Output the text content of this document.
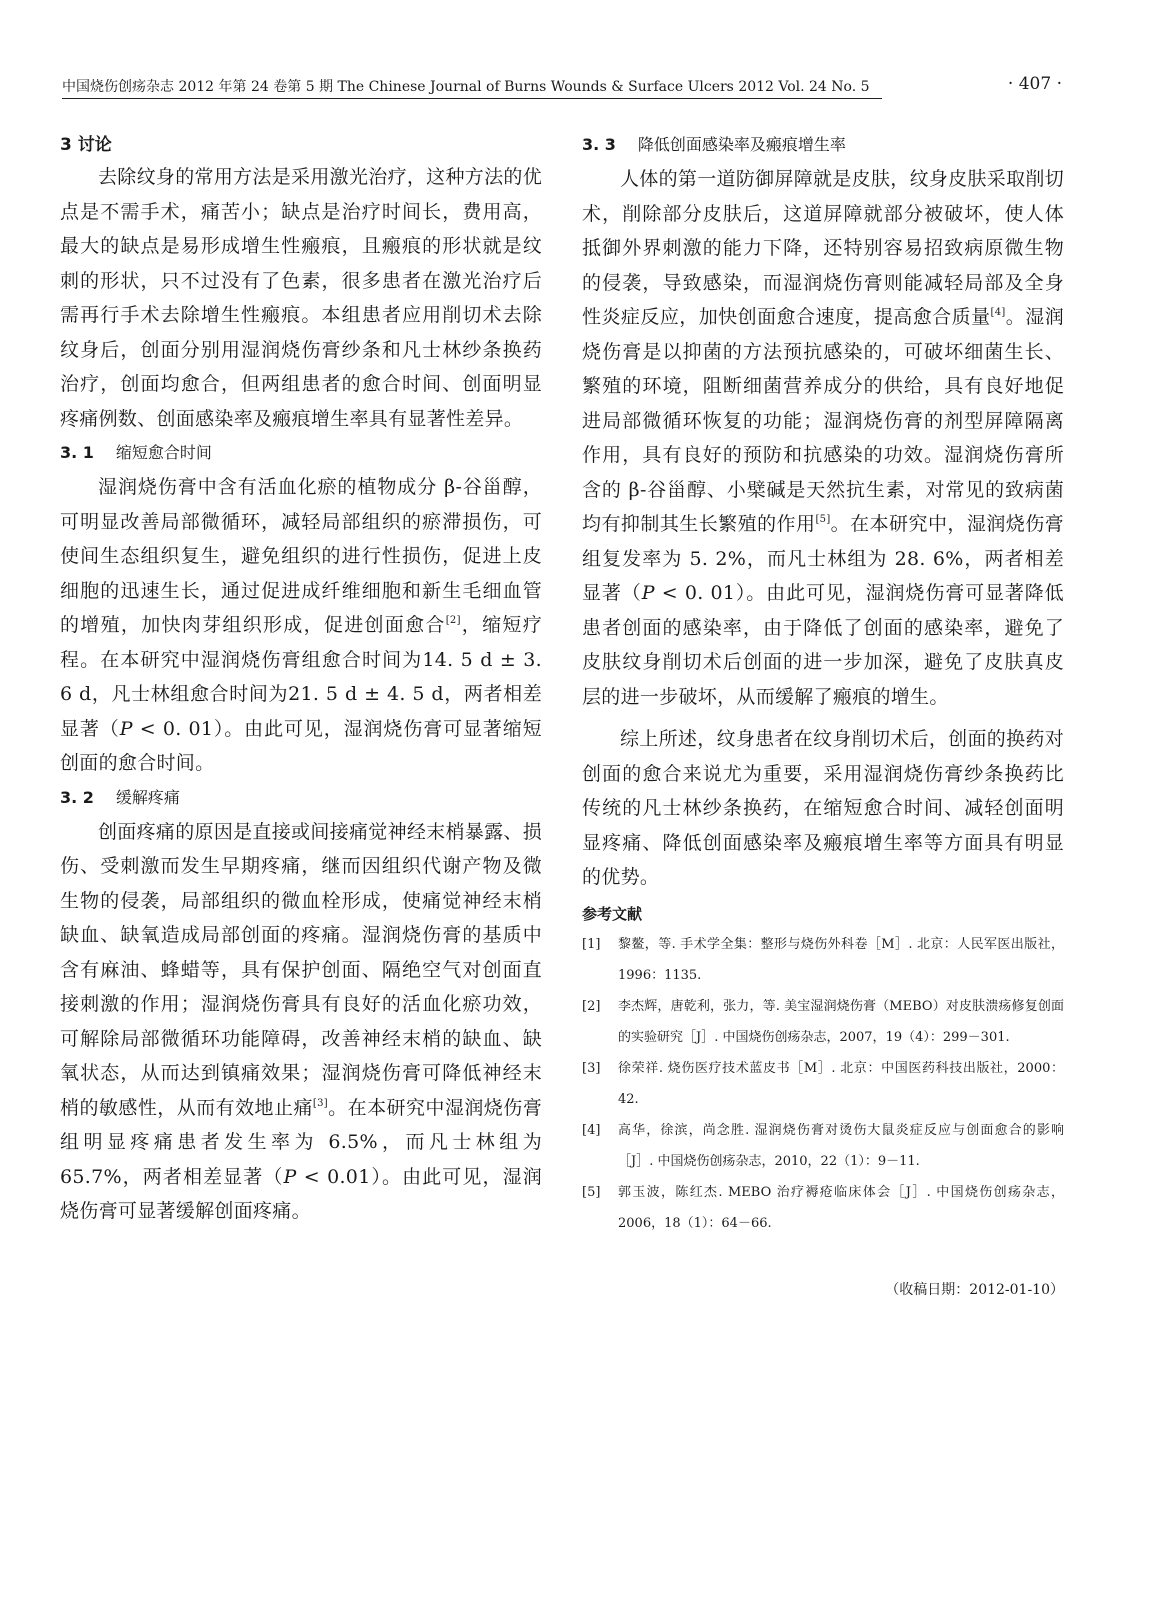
中国烧伤创疡杂志 2012 年第 24 卷第 5 期 The Chinese Journal of Burns Wounds & Surface Ulcers 2012 Vol. 24 No. 5	· 407 ·
3 讨论

去除纹身的常用方法是采用激光治疗，这种方法的优点是不需手术，痛苦小；缺点是治疗时间长，费用高，最大的缺点是易形成增生性瘢痕，且瘢痕的形状就是纹刺的形状，只不过没有了色素，很多患者在激光治疗后需再行手术去除增生性瘢痕。本组患者应用削切术去除纹身后，创面分别用湿润烧伤膏纱条和凡士林纱条换药治疗，创面均愈合，但两组患者的愈合时间、创面明显疼痛例数、创面感染率及瘢痕增生率具有显著性差异。

3. 1 缩短愈合时间

湿润烧伤膏中含有活血化瘀的植物成分 β-谷甾醇，可明显改善局部微循环，减轻局部组织的瘀滞损伤，可使间生态组织复生，避免组织的进行性损伤，促进上皮细胞的迅速生长，通过促进成纤维细胞和新生毛细血管的增殖，加快肉芽组织形成，促进创面愈合[2]，缩短疗程。在本研究中湿润烧伤膏组愈合时间为14. 5 d ± 3. 6 d，凡士林组愈合时间为21. 5 d ± 4. 5 d，两者相差显著（P < 0. 01）。由此可见，湿润烧伤膏可显著缩短创面的愈合时间。

3. 2 缓解疼痛

创面疼痛的原因是直接或间接痛觉神经末梢暴露、损伤、受刺激而发生早期疼痛，继而因组织代谢产物及微生物的侵袭，局部组织的微血栓形成，使痛觉神经末梢缺血、缺氧造成局部创面的疼痛。湿润烧伤膏的基质中含有麻油、蜂蜡等，具有保护创面、隔绝空气对创面直接刺激的作用；湿润烧伤膏具有良好的活血化瘀功效，可解除局部微循环功能障碍，改善神经末梢的缺血、缺氧状态，从而达到镇痛效果；湿润烧伤膏可降低神经末梢的敏感性，从而有效地止痛[3]。在本研究中湿润烧伤膏组明显疼痛患者发生率为 6.5%，而凡士林组为 65.7%，两者相差显著（P < 0.01）。由此可见，湿润烧伤膏可显著缓解创面疼痛。

3. 3 降低创面感染率及瘢痕增生率

人体的第一道防御屏障就是皮肤，纹身皮肤采取削切术，削除部分皮肤后，这道屏障就部分被破坏，使人体抵御外界刺激的能力下降，还特别容易招致病原微生物的侵袭，导致感染，而湿润烧伤膏则能减轻局部及全身性炎症反应，加快创面愈合速度，提高愈合质量[4]。湿润烧伤膏是以抑菌的方法预抗感染的，可破坏细菌生长、繁殖的环境，阻断细菌营养成分的供给，具有良好地促进局部微循环恢复的功能；湿润烧伤膏的剂型屏障隔离作用，具有良好的预防和抗感染的功效。湿润烧伤膏所含的 β-谷甾醇、小檗碱是天然抗生素，对常见的致病菌均有抑制其生长繁殖的作用[5]。在本研究中，湿润烧伤膏组复发率为 5. 2%，而凡士林组为 28. 6%，两者相差显著（P < 0. 01）。由此可见，湿润烧伤膏可显著降低患者创面的感染率，由于降低了创面的感染率，避免了皮肤纹身削切术后创面的进一步加深，避免了皮肤真皮层的进一步破坏，从而缓解了瘢痕的增生。

综上所述，纹身患者在纹身削切术后，创面的换药对创面的愈合来说尤为重要，采用湿润烧伤膏纱条换药比传统的凡士林纱条换药，在缩短愈合时间、减轻创面明显疼痛、降低创面感染率及瘢痕增生率等方面具有明显的优势。

参考文献
[1]	黎鳌，等. 手术学全集：整形与烧伤外科卷［M］. 北京：人民军医出版社，1996：1135.
[2]	李杰辉，唐乾利，张力，等. 美宝湿润烧伤膏（MEBO）对皮肤溃疡修复创面的实验研究［J］. 中国烧伤创疡杂志，2007，19（4）：299－301.
[3]	徐荣祥. 烧伤医疗技术蓝皮书［M］. 北京：中国医药科技出版社，2000：42.
[4]	高华，徐滨，尚念胜. 湿润烧伤膏对烫伤大鼠炎症反应与创面愈合的影响［J］. 中国烧伤创疡杂志，2010，22（1）：9－11.
[5]	郭玉波，陈红杰. MEBO 治疗褥疮临床体会［J］. 中国烧伤创疡杂志，2006，18（1）：64－66.
（收稿日期：2012-01-10）
